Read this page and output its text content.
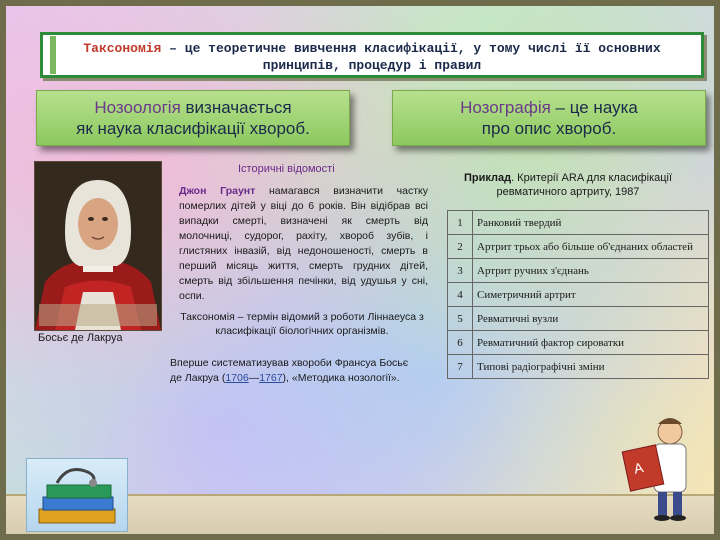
Таксономія – це теоретичне вивчення класифікації, у тому числі її основних принципів, процедур і правил
Нозоологія визначається
як наука класифікації хвороб.
Нозографія – це наука
про опис хвороб.
Босьє де Лакруа
Історичні відомості
Джон Граунт намагався визначити частку померлих дітей у віці до 6 років. Він відібрав всі випадки смерті, визначені як смерть від молочниці, судорог, рахіту, хвороб зубів, і глистяних інвазій, від недоношеності, смерть в перший місяць життя, смерть грудних дітей, смерть від збільшення печінки, від удушья у сні, оспи.
Таксономія – термін відомий з роботи Ліннаеуса з класифікації біологічних організмів.
Вперше систематизував хвороби Франсуа Босьє де Лакруа (1706—1767), «Методика нозології».
Приклад. Критерії ARA для класифікації ревматичного артриту, 1987
1	Ранковий твердий
2	Артрит трьох або більше об'єднаних областей
3	Артрит ручних з'єднань
4	Симетричний артрит
5	Ревматичні вузли
6	Ревматичний фактор сироватки
7	Типові радіографічні зміни
A
